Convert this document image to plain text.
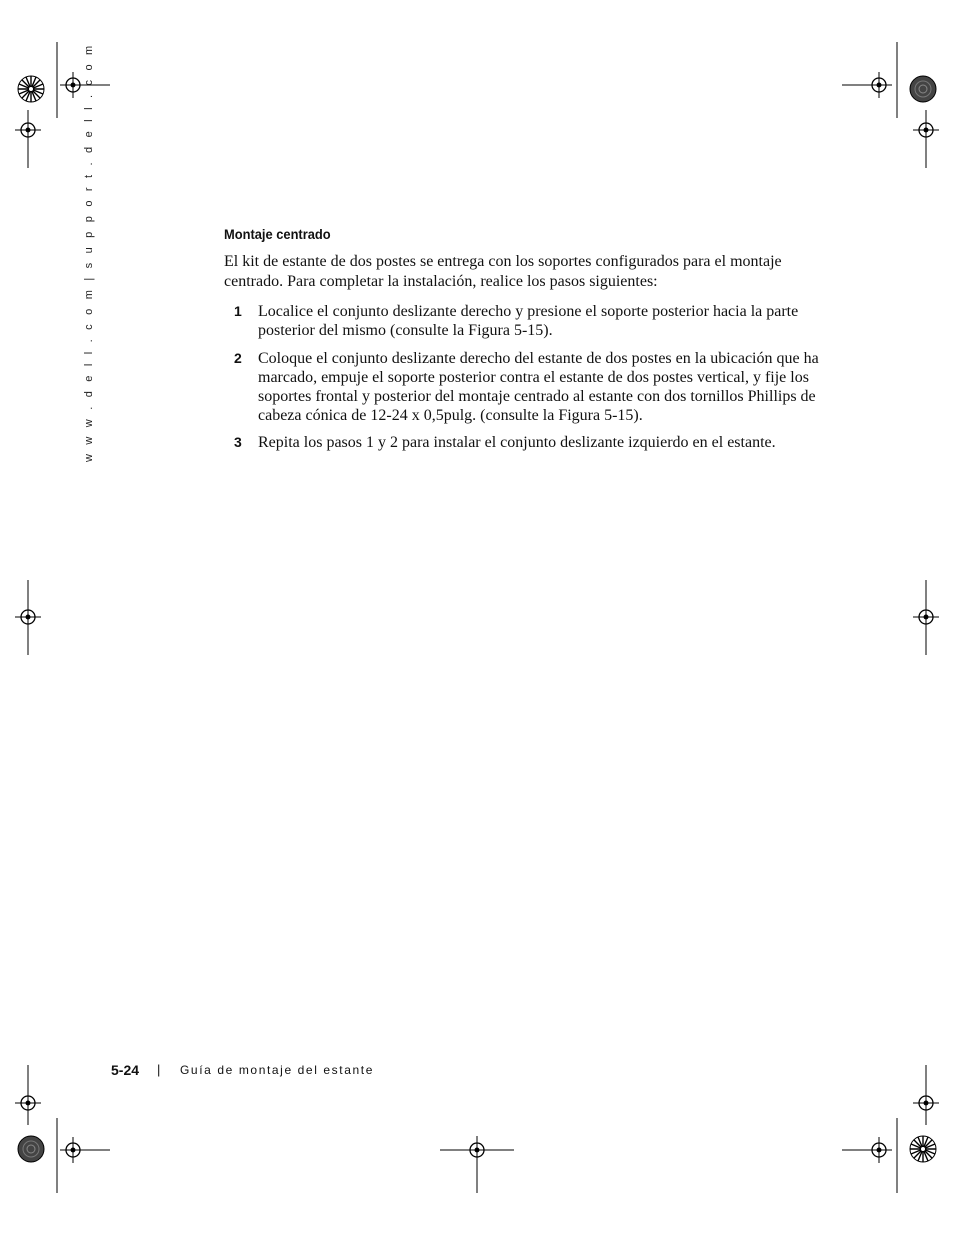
w w w . d e l l . c o m | s u p p o r t . d e l l . c o m	Montaje centrado

El kit de estante de dos postes se entrega con los soportes configurados para el montaje centrado. Para completar la instalación, realice los pasos siguientes:

1 Localice el conjunto deslizante derecho y presione el soporte posterior hacia la parte posterior del mismo (consulte la Figura 5-15).
2 Coloque el conjunto deslizante derecho del estante de dos postes en la ubicación que ha marcado, empuje el soporte posterior contra el estante de dos postes vertical, y fije los soportes frontal y posterior del montaje centrado al estante con dos tornillos Phillips de cabeza cónica de 12-24 x 0,5pulg. (consulte la Figura 5-15).
3 Repita los pasos 1 y 2 para instalar el conjunto deslizante izquierdo en el estante.
5-24 | Guía de montaje del estante
